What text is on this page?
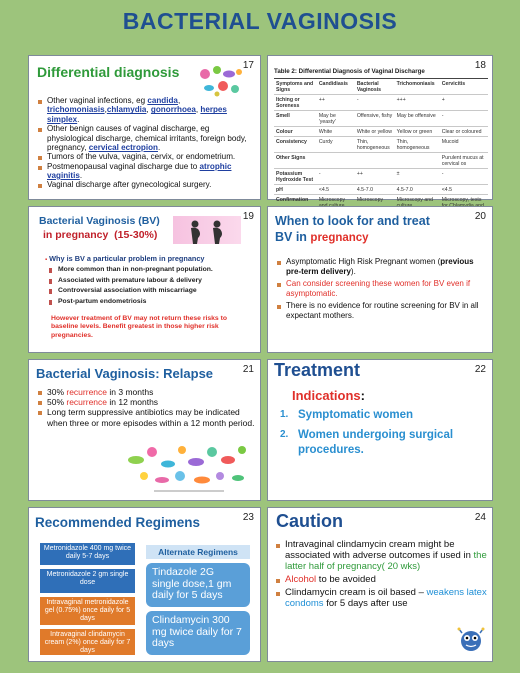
BACTERIAL VAGINOSIS
17
Differential diagnosis
Other vaginal infections, eg candida, trichomoniasis,chlamydia, gonorrhoea, herpes simplex.
Other benign causes of vaginal discharge, eg physiological discharge, chemical irritants, foreign body, pregnancy, cervical ectropion.
Tumors of the vulva, vagina, cervix, or endometrium.
Postmenopausal vaginal discharge due to atrophic vaginitis.
Vaginal discharge after gynecological surgery.
18
Table 2: Differential Diagnosis of Vaginal Discharge
Symptoms and Signs	Candidiasis	Bacterial Vaginosis	Trichomoniasis	Cervicitis
Itching or Soreness	++	-	+++	+
Smell	May be 'yeasty'	Offensive, fishy	May be offensive	-
Colour	White	White or yellow	Yellow or green	Clear or coloured
Consistency	Curdy	Thin, homogeneous	Thin, homogeneous	Mucoid
Other Signs				Purulent mucus at cervical os
Potassium Hydroxide Test	-	++	±	-
pH	<4.5	4.5-7.0	4.5-7.0	<4.5
Confirmation	Microscopy	Microscopy	Microscopy and	Microscopy, tests
19
Bacterial Vaginosis (BV)
in pregnancy  (15-30%)
▪ Why is BV a particular problem in pregnancy
More common than in non-pregnant population.
Associated with premature labour & delivery
Controversial association with miscarriage
Post-partum endometriosis
However treatment of BV may not return these risks to baseline levels. Benefit greatest in those higher risk pregnancies.
20
When to look for and treat
BV in pregnancy
Asymptomatic High Risk Pregnant women (previous pre-term delivery).
Can consider screening these women for BV even if asymptomatic.
There is no evidence for routine screening for BV in all expectant mothers.
21
Bacterial Vaginosis: Relapse
30% recurrence in 3 months
50% recurrence in 12 months
Long term suppressive antibiotics may be indicated when three or more episodes within a 12 month period.
22
Treatment
Indications:
1. Symptomatic women
2. Women undergoing surgical procedures.
23
Recommended Regimens
Metronidazole 400 mg twice daily 5-7 days
Metronidazole 2 gm single dose
Intravaginal metronidazole gel (0.75%) once daily for 5 days
Intravaginal clindamycin cream (2%) once daily for 7 days
Alternate Regimens
Tindazole 2G single dose,1 gm daily for 5 days
Clindamycin 300 mg twice daily for 7 days
24
Caution
Intravaginal clindamycin cream might be associated with adverse outcomes if used in the latter half of pregnancy( 20 wks)
Alcohol to be avoided
Clindamycin cream is oil based – weakens latex condoms for 5 days after use
